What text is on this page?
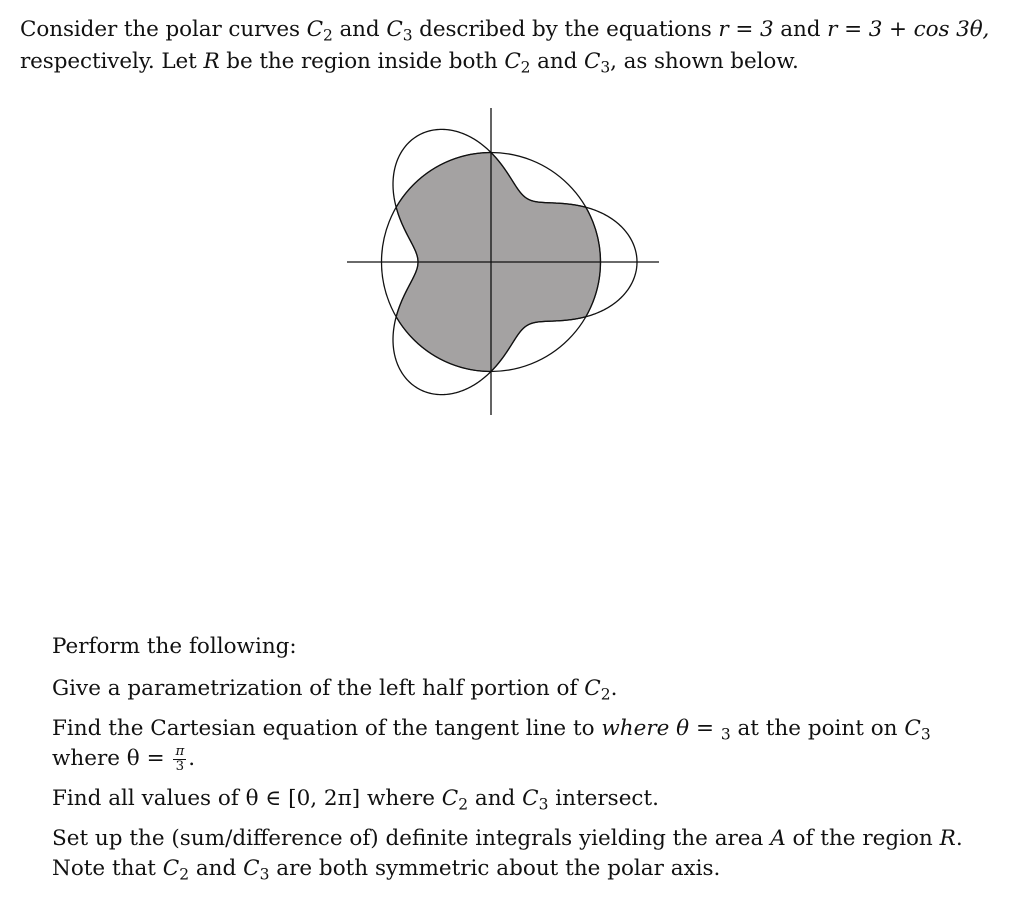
Consider the polar curves $C_2$ and $C_3$ described by the equations r = 3 and r = 3 + cos 3θ,

respectively. Let R be the region inside both $C_2$ and $C_3$, as shown below.

Perform the following:

Give a parametrization of the left half portion of $C_2$.

Find the Cartesian equation of the tangent line to where θ = $_3$ at the point on $C_3$
where $\theta = \frac{\pi}{3}$ .

Find all values of θ ∈ [0, 2π] where $C_2$ and $C_3$ intersect.

Set up the (sum/difference of) definite integrals yielding the area A of the region R.
Note that $C_2$ and $C_3$ are both symmetric about the polar axis.
